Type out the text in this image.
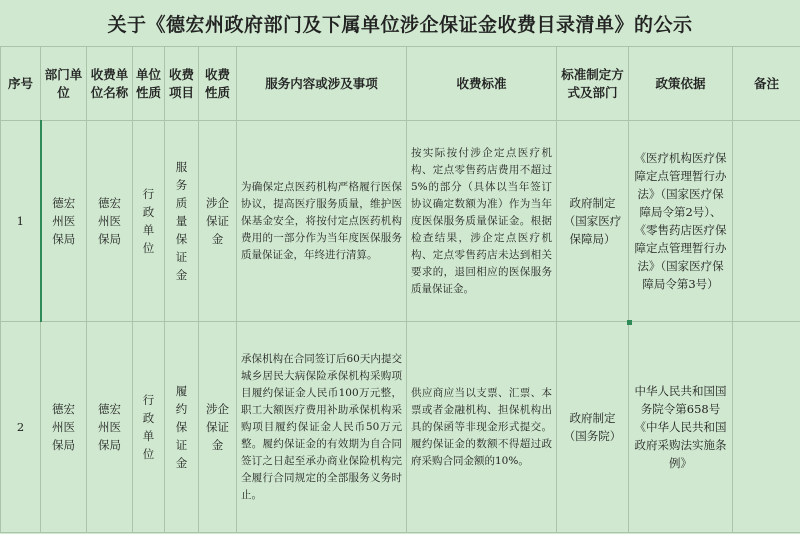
关于《德宏州政府部门及下属单位涉企保证金收费目录清单》的公示
序号	部门单位	收费单位名称	单位性质	收费项目	收费性质	服务内容或涉及事项	收费标准	标准制定方式及部门	政策依据	备注
1	德宏州医保局	德宏州医保局	行政单位	服务质量保证金	涉企保证金	为确保定点医药机构严格履行医保协议，提高医疗服务质量，维护医保基金安全，将按付定点医药机构费用的一部分作为当年度医保服务质量保证金，年终进行清算。	按实际按付涉企定点医疗机构、定点零售药店费用不超过5%的部分（具体以当年签订协议确定数额为准）作为当年度医保服务质量保证金。根据检查结果，涉企定点医疗机构、定点零售药店未达到相关要求的，退回相应的医保服务质量保证金。	政府制定（国家医疗保障局）	《医疗机构医疗保障定点管理暂行办法》（国家医疗保障局令第2号）、《零售药店医疗保障定点管理暂行办法》（国家医疗保障局令第3号）	
2	德宏州医保局	德宏州医保局	行政单位	履约保证金	涉企保证金	承保机构在合同签订后60天内提交城乡居民大病保险承保机构采购项目履约保证金人民币100万元整，职工大额医疗费用补助承保机构采购项目履约保证金人民币50万元整。履约保证金的有效期为自合同签订之日起至承办商业保险机构完全履行合同规定的全部服务义务时止。	供应商应当以支票、汇票、本票或者金融机构、担保机构出具的保函等非现金形式提交。履约保证金的数额不得超过政府采购合同金额的10%。	政府制定（国务院）	中华人民共和国国务院令第658号《中华人民共和国政府采购法实施条例》	
